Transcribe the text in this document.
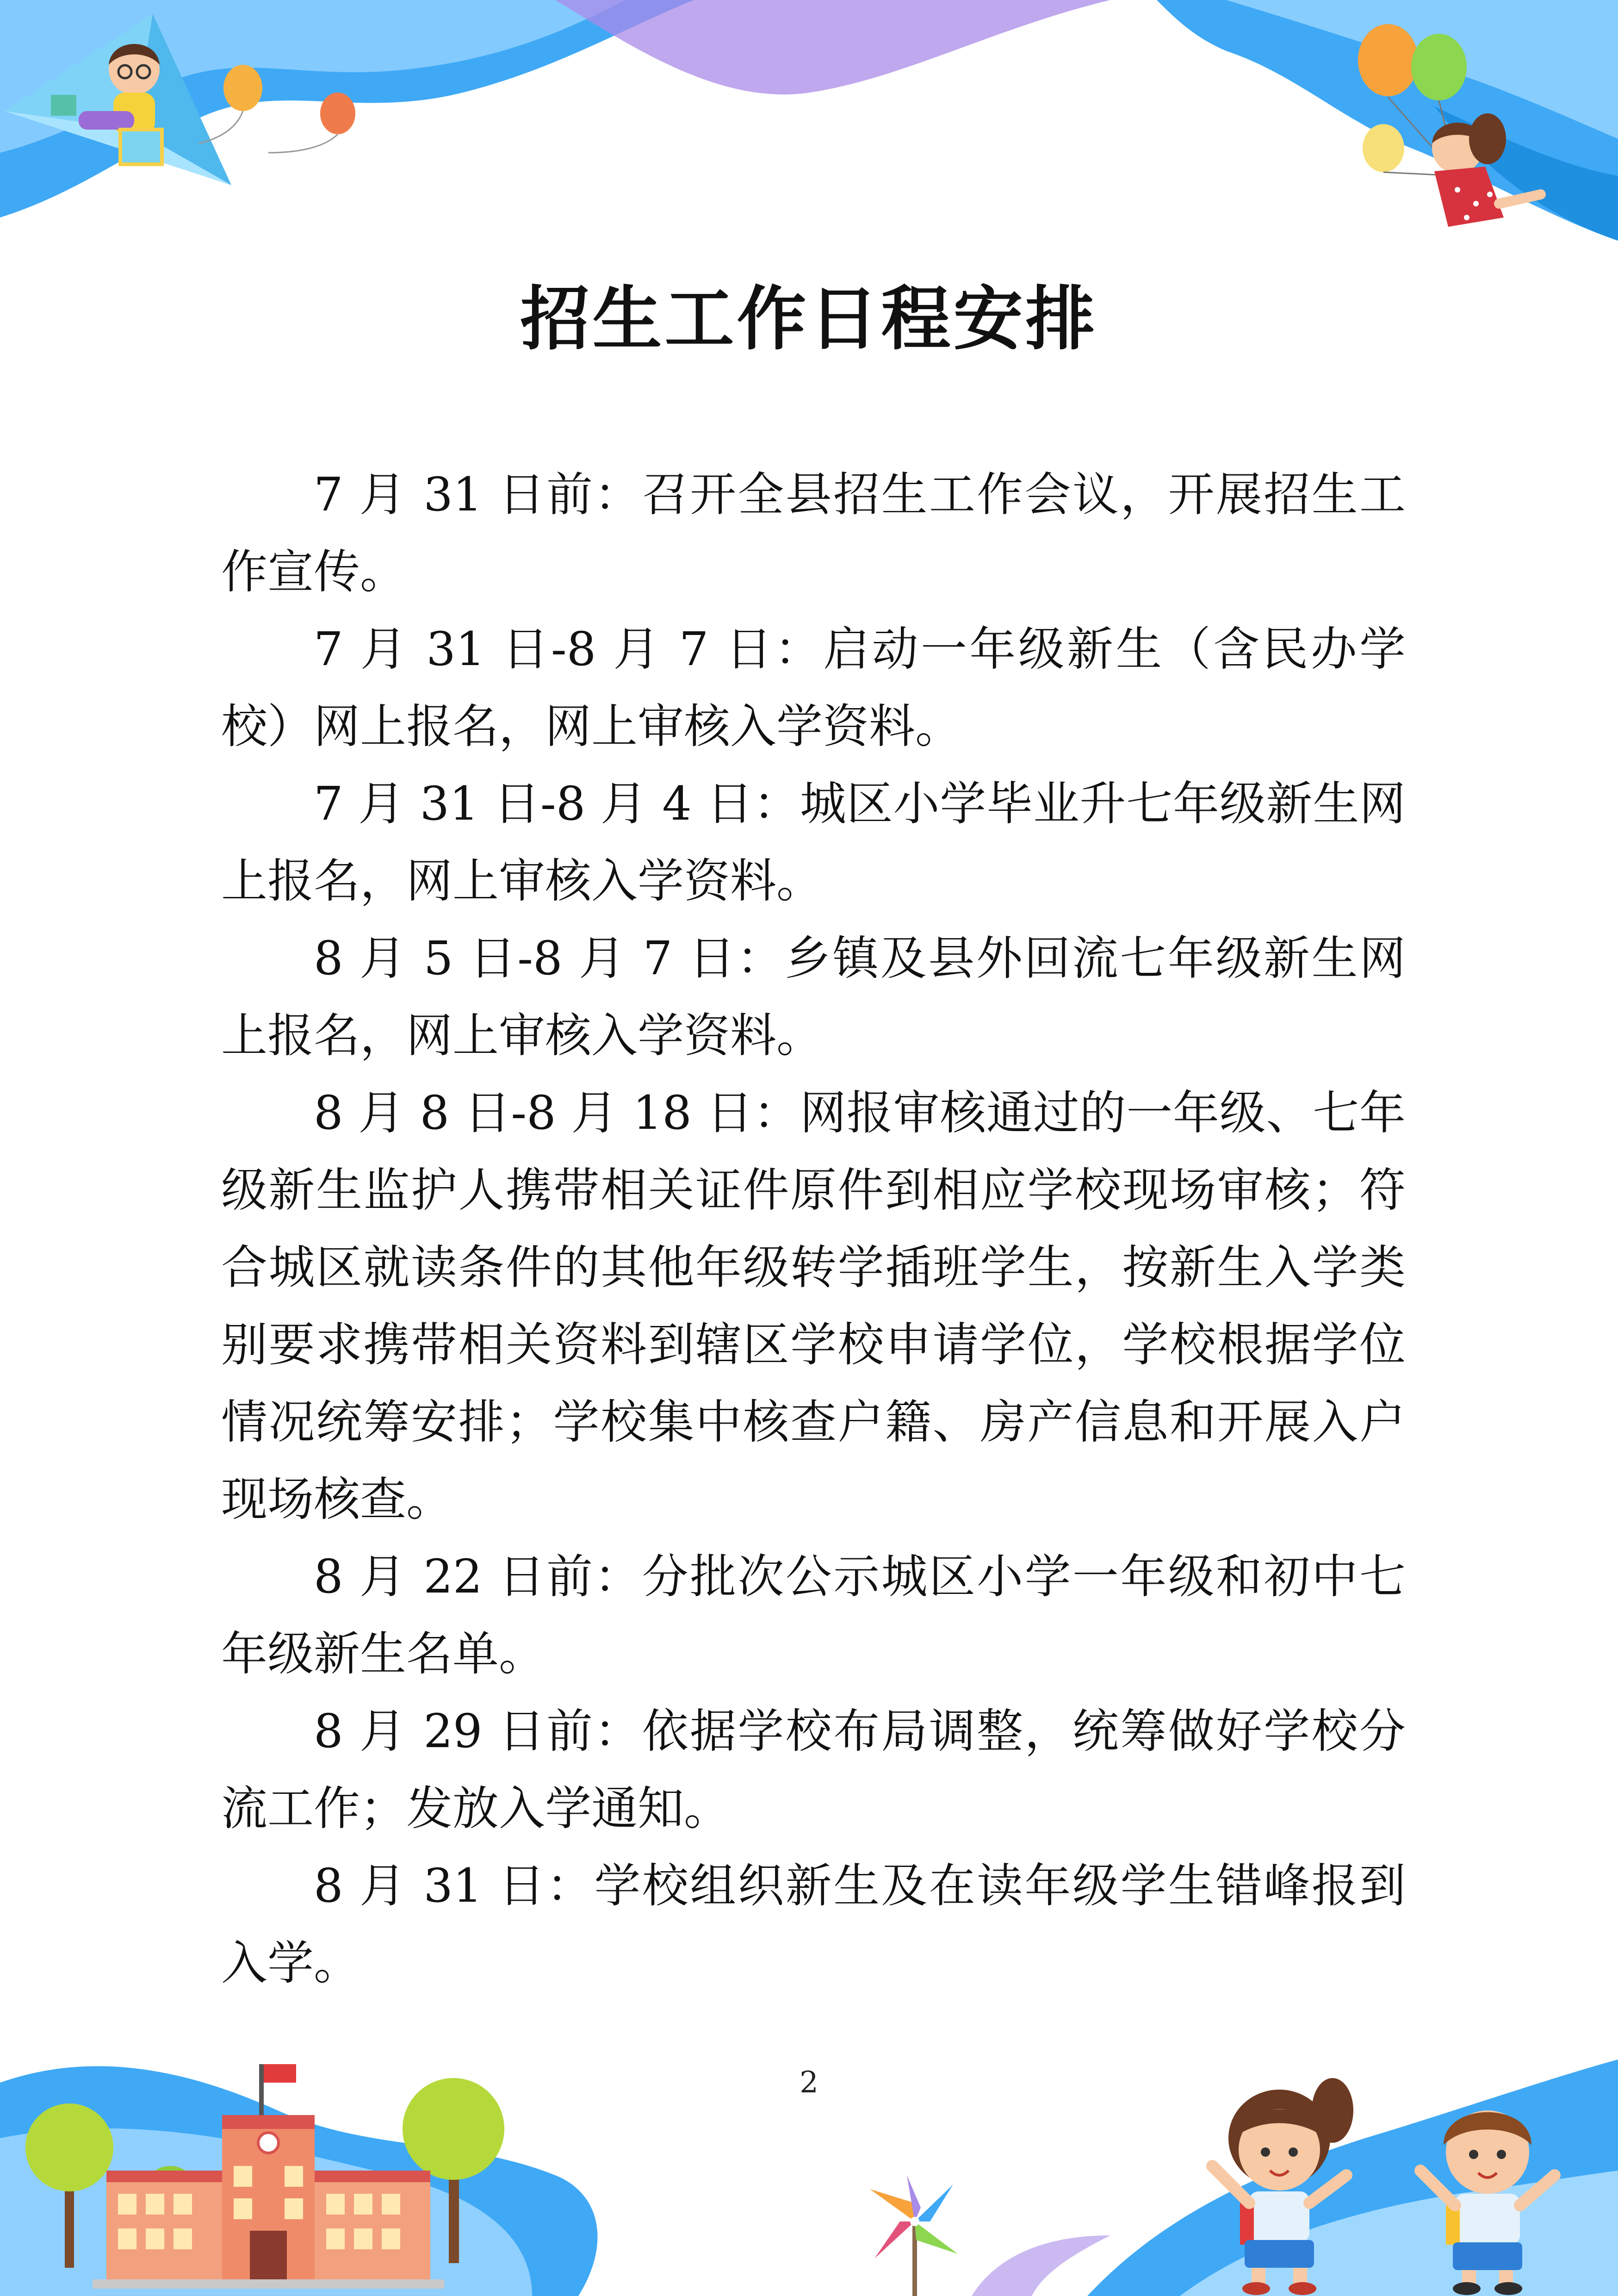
招生工作日程安排

7 月 31 日前：召开全县招生工作会议，开展招生工作宣传。

7 月 31 日-8 月 7 日：启动一年级新生（含民办学校）网上报名，网上审核入学资料。

7 月 31 日-8 月 4 日：城区小学毕业升七年级新生网上报名，网上审核入学资料。

8 月 5 日-8 月 7 日：乡镇及县外回流七年级新生网上报名，网上审核入学资料。

8 月 8 日-8 月 18 日：网报审核通过的一年级、七年级新生监护人携带相关证件原件到相应学校现场审核；符合城区就读条件的其他年级转学插班学生，按新生入学类别要求携带相关资料到辖区学校申请学位，学校根据学位情况统筹安排；学校集中核查户籍、房产信息和开展入户现场核查。

8 月 22 日前：分批次公示城区小学一年级和初中七年级新生名单。

8 月 29 日前：依据学校布局调整，统筹做好学校分流工作；发放入学通知。

8 月 31 日：学校组织新生及在读年级学生错峰报到入学。

2
